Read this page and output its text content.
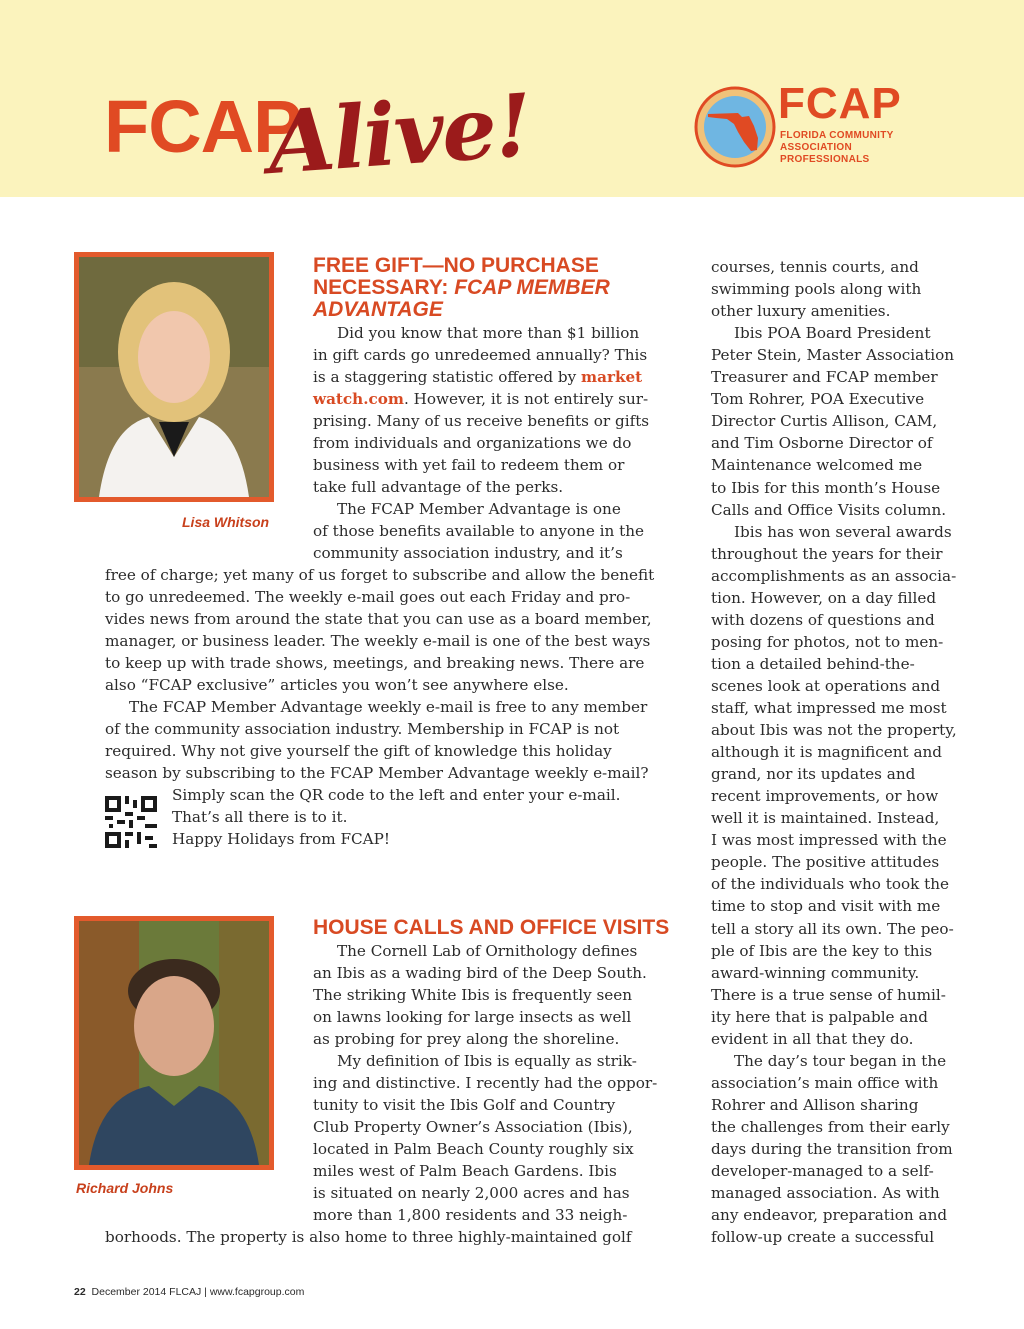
FCAP
Alive!	FCAP
FLORIDA COMMUNITY
ASSOCIATION PROFESSIONALS
Lisa Whitson
FREE GIFT—NO PURCHASE
NECESSARY: FCAP MEMBER
ADVANTAGE
Did you know that more than $1 billion
in gift cards go unredeemed annually? This
is a staggering statistic offered by market
watch.com. However, it is not entirely sur-
prising. Many of us receive benefits or gifts
from individuals and organizations we do
business with yet fail to redeem them or
take full advantage of the perks.
The FCAP Member Advantage is one
of those benefits available to anyone in the
community association industry, and it’s
free of charge; yet many of us forget to subscribe and allow the benefit
to go unredeemed. The weekly e-mail goes out each Friday and pro-
vides news from around the state that you can use as a board member,
manager, or business leader. The weekly e-mail is one of the best ways
to keep up with trade shows, meetings, and breaking news. There are
also “FCAP exclusive” articles you won’t see anywhere else.
The FCAP Member Advantage weekly e-mail is free to any member
of the community association industry. Membership in FCAP is not
required. Why not give yourself the gift of knowledge this holiday
season by subscribing to the FCAP Member Advantage weekly e-mail?
Simply scan the QR code to the left and enter your e-mail.
That’s all there is to it.
Happy Holidays from FCAP!
Richard Johns
HOUSE CALLS AND OFFICE VISITS
The Cornell Lab of Ornithology defines
an Ibis as a wading bird of the Deep South.
The striking White Ibis is frequently seen
on lawns looking for large insects as well
as probing for prey along the shoreline.
My definition of Ibis is equally as strik-
ing and distinctive. I recently had the oppor-
tunity to visit the Ibis Golf and Country
Club Property Owner’s Association (Ibis),
located in Palm Beach County roughly six
miles west of Palm Beach Gardens. Ibis
is situated on nearly 2,000 acres and has
more than 1,800 residents and 33 neigh-
borhoods. The property is also home to three highly-maintained golf
courses, tennis courts, and
swimming pools along with
other luxury amenities.
Ibis POA Board President
Peter Stein, Master Association
Treasurer and FCAP member
Tom Rohrer, POA Executive
Director Curtis Allison, CAM,
and Tim Osborne Director of
Maintenance welcomed me
to Ibis for this month’s House
Calls and Office Visits column.
Ibis has won several awards
throughout the years for their
accomplishments as an associa-
tion. However, on a day filled
with dozens of questions and
posing for photos, not to men-
tion a detailed behind-the-
scenes look at operations and
staff, what impressed me most
about Ibis was not the property,
although it is magnificent and
grand, nor its updates and
recent improvements, or how
well it is maintained. Instead,
I was most impressed with the
people. The positive attitudes
of the individuals who took the
time to stop and visit with me
tell a story all its own. The peo-
ple of Ibis are the key to this
award-winning community.
There is a true sense of humil-
ity here that is palpable and
evident in all that they do.
The day’s tour began in the
association’s main office with
Rohrer and Allison sharing
the challenges from their early
days during the transition from
developer-managed to a self-
managed association. As with
any endeavor, preparation and
follow-up create a successful
22 December 2014 FLCAJ | www.fcapgroup.com
